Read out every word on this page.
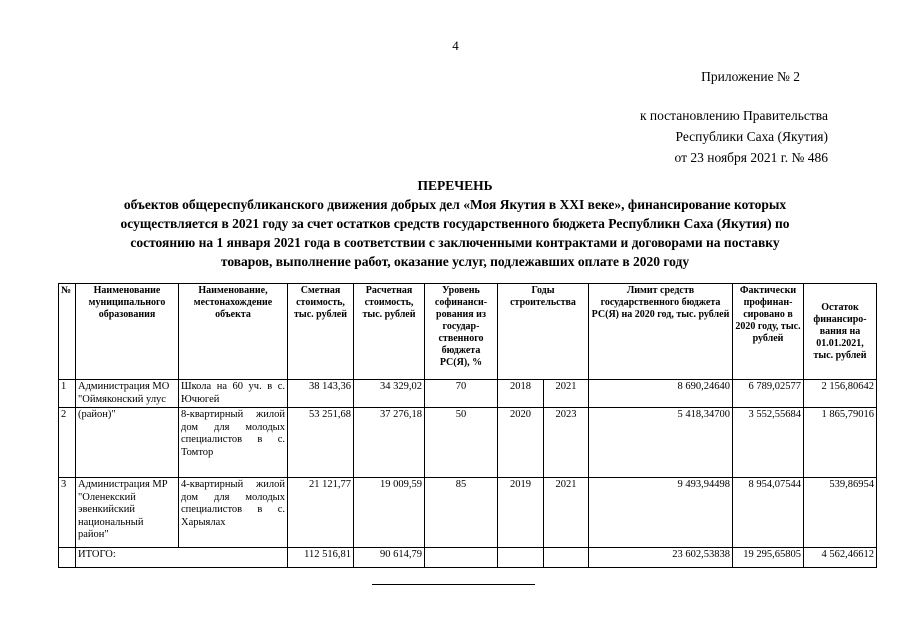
4
Приложение № 2
к постановлению Правительства
Республики Саха (Якутия)
от 23 ноября 2021 г. № 486
ПЕРЕЧЕНЬ
объектов общереспубликанского движения добрых дел «Моя Якутия в XXI веке», финансирование которых
осуществляется в 2021 году за счет остатков средств государственного бюджета Республикн Саха (Якутия) по
состоянию на 1 января 2021 года в соответствии с заключенными контрактами и договорами на поставку
товаров, выполнение работ, оказание услуг, подлежавших оплате в 2020 году
№	Наименование муниципального образования	Наименование, местонахождение объекта	Сметная стоимость, тыс. рублей	Расчетная стоимость, тыс. рублей	Уровень софинанси-рования из государ-ственного бюджета РС(Я), %	Годы строительства		Лимит средств государственного бюджета РС(Я) на 2020 год, тыс. рублей	Фактически профинан-сировано в 2020 году, тыс. рублей	Остаток финансиро-вания на 01.01.2021, тыс. рублей
1	Администрация МО "Оймяконский улус	Школа на 60 уч. в с. Ючюгей	38 143,36	34 329,02	70	2018	2021	8 690,24640	6 789,02577	2 156,80642
2	(район)"	8-квартирный жилой дом для молодых специалистов в с. Томтор	53 251,68	37 276,18	50	2020	2023	5 418,34700	3 552,55684	1 865,79016
3	Администрация МР "Оленекский эвенкийский национальный район"	4-квартирный жилой дом для молодых специалистов в с. Харыялах	21 121,77	19 009,59	85	2019	2021	9 493,94498	8 954,07544	539,86954
	ИТОГО:		112 516,81	90 614,79				23 602,53838	19 295,65805	4 562,46612
